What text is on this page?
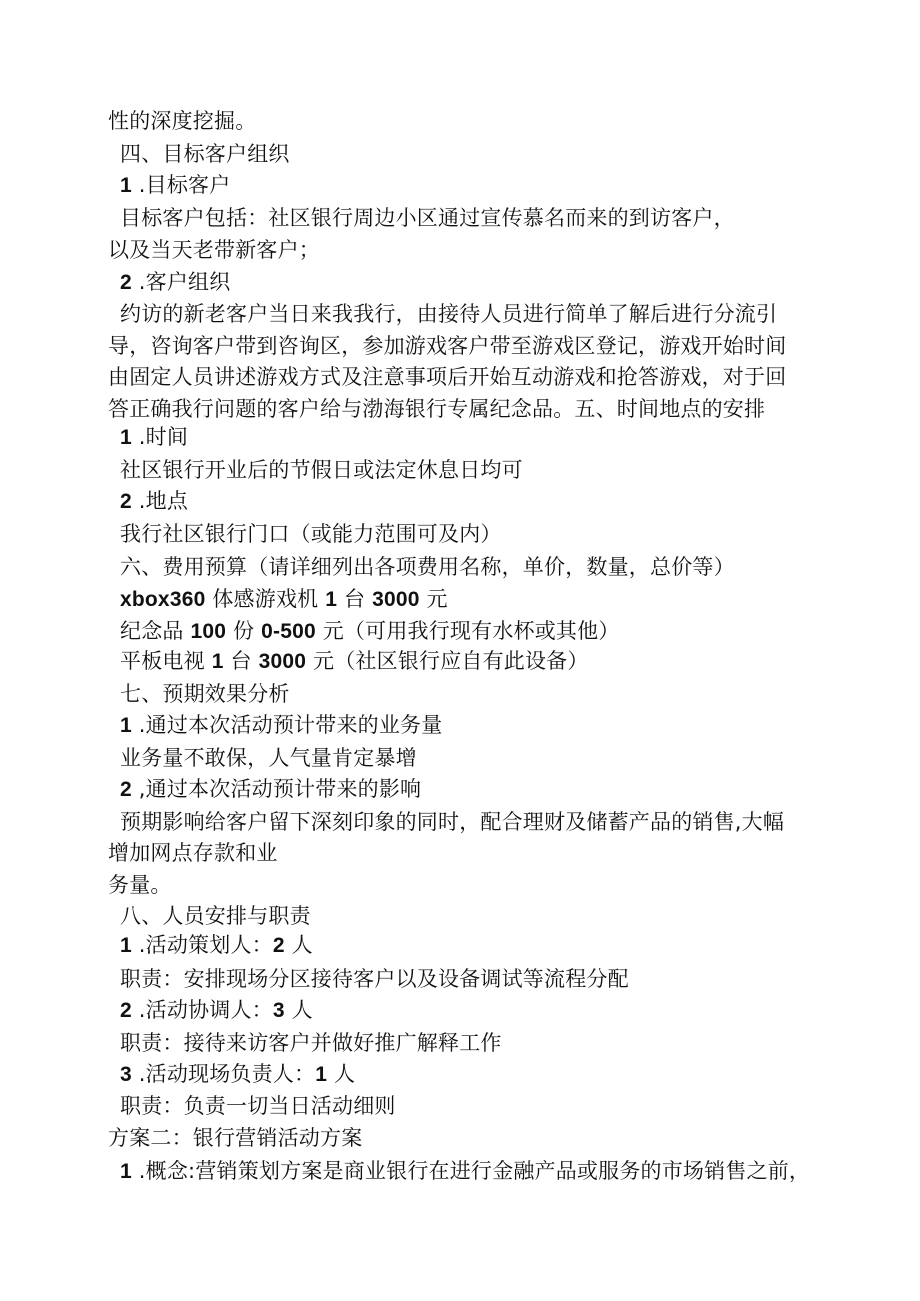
性的深度挖掘。
四、目标客户组织
1 .目标客户
目标客户包括：社区银行周边小区通过宣传慕名而来的到访客户，
以及当天老带新客户；
2 .客户组织
约访的新老客户当日来我我行，由接待人员进行简单了解后进行分流引
导，咨询客户带到咨询区，参加游戏客户带至游戏区登记，游戏开始时间
由固定人员讲述游戏方式及注意事项后开始互动游戏和抢答游戏，对于回
答正确我行问题的客户给与渤海银行专属纪念品。五、时间地点的安排
1 .时间
社区银行开业后的节假日或法定休息日均可
2 .地点
我行社区银行门口（或能力范围可及内）
六、费用预算（请详细列出各项费用名称，单价，数量，总价等）
xbox360 体感游戏机 1 台 3000 元
纪念品 100 份 0-500 元（可用我行现有水杯或其他）
平板电视 1 台 3000 元（社区银行应自有此设备）
七、预期效果分析
1 .通过本次活动预计带来的业务量
业务量不敢保，人气量肯定暴增
2 ,通过本次活动预计带来的影响
预期影响给客户留下深刻印象的同时，配合理财及储蓄产品的销售,大幅
增加网点存款和业
务量。
八、人员安排与职责
1 .活动策划人：2 人
职责：安排现场分区接待客户以及设备调试等流程分配
2 .活动协调人：3 人
职责：接待来访客户并做好推广解释工作
3 .活动现场负责人：1 人
职责：负责一切当日活动细则
方案二：银行营销活动方案
1 .概念:营销策划方案是商业银行在进行金融产品或服务的市场销售之前，
